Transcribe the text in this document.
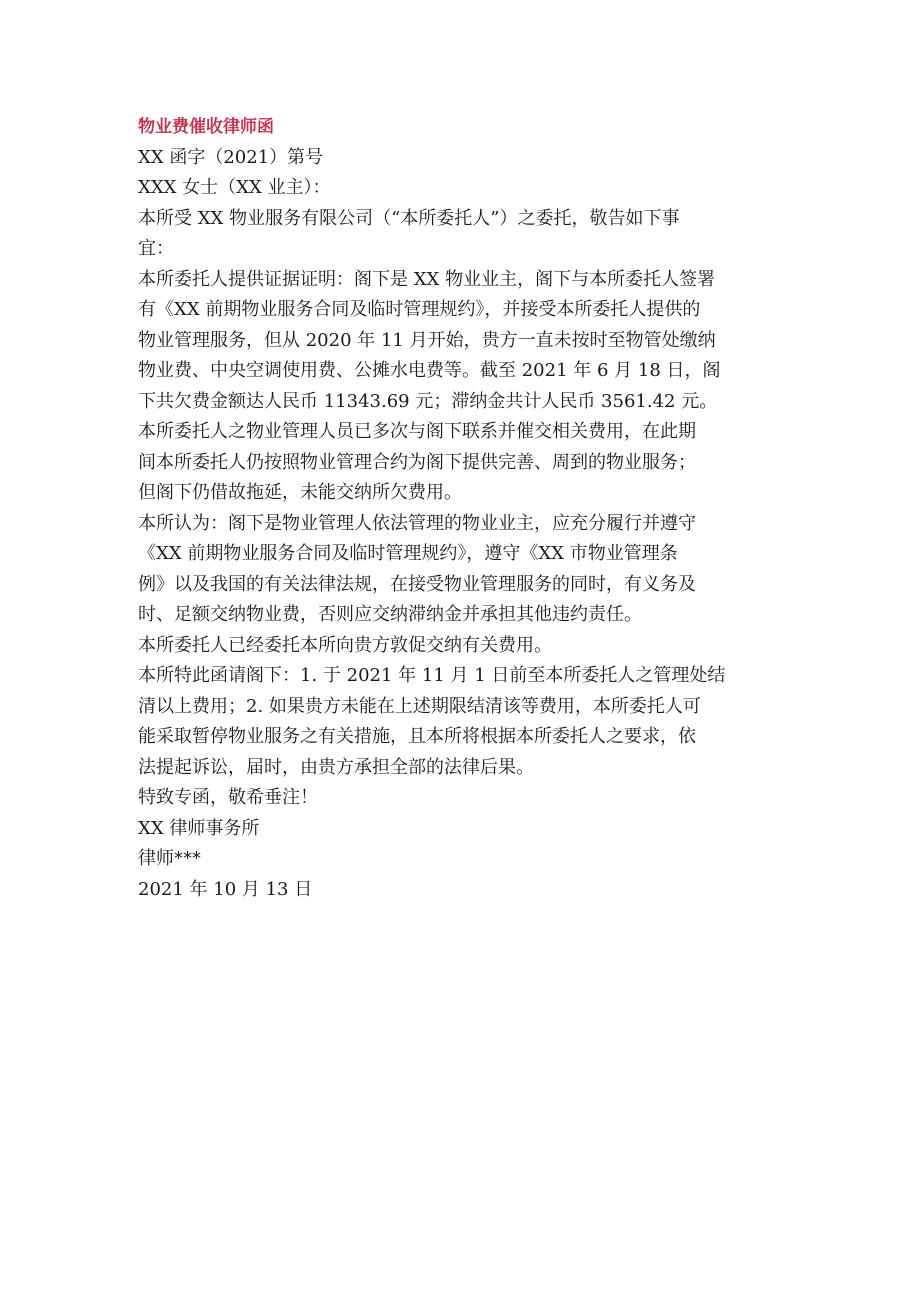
物业费催收律师函
XX 函字（2021）第号
XXX 女士（XX 业主）：
本所受 XX 物业服务有限公司（“本所委托人”）之委托，敬告如下事
宜：
本所委托人提供证据证明：阁下是 XX 物业业主，阁下与本所委托人签署
有《XX 前期物业服务合同及临时管理规约》，并接受本所委托人提供的
物业管理服务，但从 2020 年 11 月开始，贵方一直未按时至物管处缴纳
物业费、中央空调使用费、公摊水电费等。截至 2021 年 6 月 18 日，阁
下共欠费金额达人民币 11343.69 元；滞纳金共计人民币 3561.42 元。
本所委托人之物业管理人员已多次与阁下联系并催交相关费用，在此期
间本所委托人仍按照物业管理合约为阁下提供完善、周到的物业服务；
但阁下仍借故拖延，未能交纳所欠费用。
本所认为：阁下是物业管理人依法管理的物业业主，应充分履行并遵守
《XX 前期物业服务合同及临时管理规约》，遵守《XX 市物业管理条
例》以及我国的有关法律法规，在接受物业管理服务的同时，有义务及
时、足额交纳物业费，否则应交纳滞纳金并承担其他违约责任。
本所委托人已经委托本所向贵方敦促交纳有关费用。
本所特此函请阁下：1. 于 2021 年 11 月 1 日前至本所委托人之管理处结
清以上费用；2. 如果贵方未能在上述期限结清该等费用，本所委托人可
能采取暂停物业服务之有关措施，且本所将根据本所委托人之要求，依
法提起诉讼，届时，由贵方承担全部的法律后果。
特致专函，敬希垂注！
XX 律师事务所
律师***
2021 年 10 月 13 日
